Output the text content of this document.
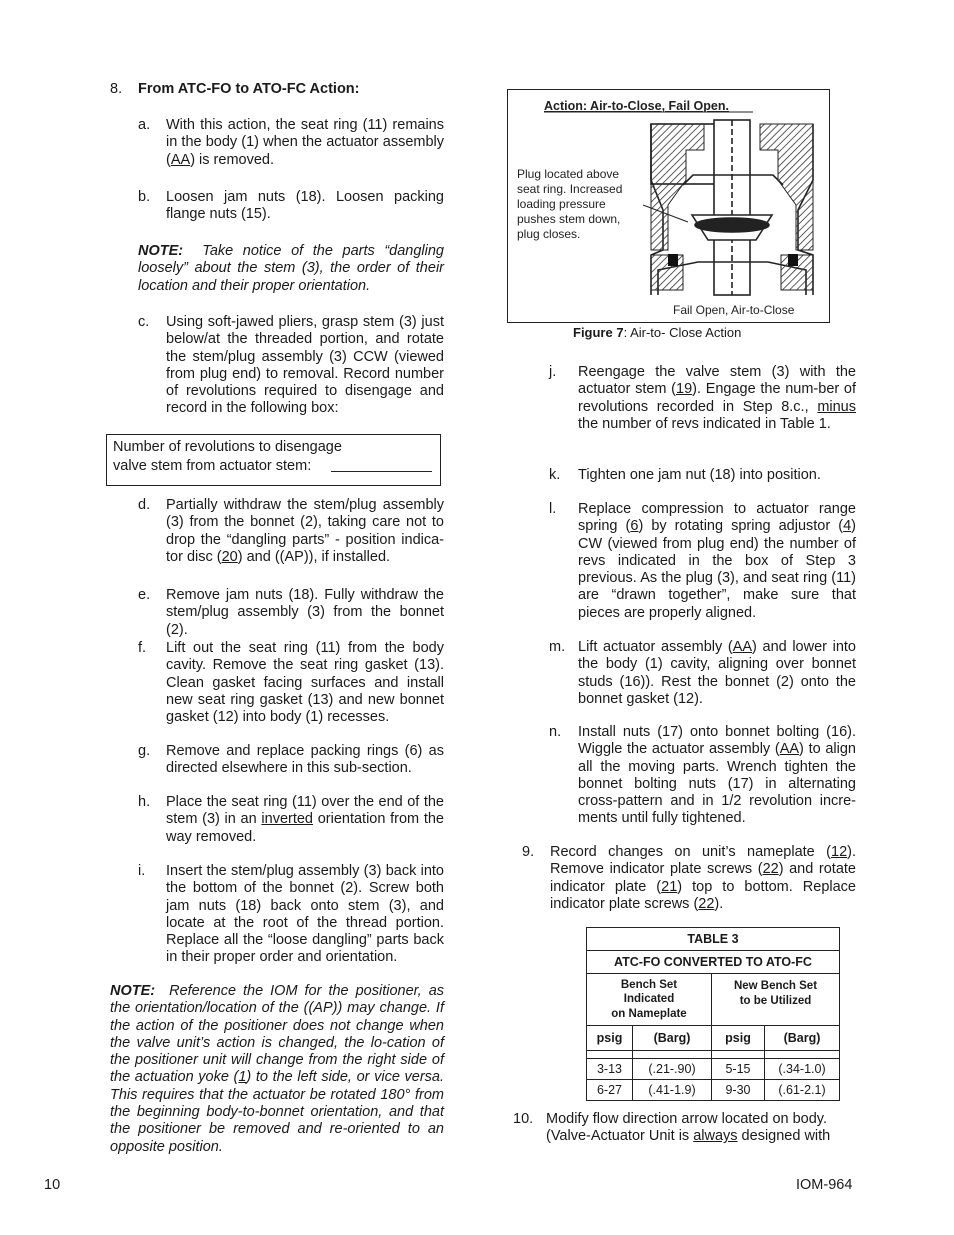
8. From ATC-FO to ATO-FC Action:
a. With this action, the seat ring (11) remains in the body (1) when the actuator assembly (AA) is removed.
b. Loosen jam nuts (18). Loosen packing flange nuts (15).
NOTE: Take notice of the parts “dangling loosely” about the stem (3), the order of their location and their proper orientation.
c. Using soft-jawed pliers, grasp stem (3) just below/at the threaded portion, and rotate the stem/plug assembly (3) CCW (viewed from plug end) to removal. Record number of revolutions required to disengage and record in the following box:
Number of revolutions to disengage
valve stem from actuator stem:
d. Partially withdraw the stem/plug assembly (3) from the bonnet (2), taking care not to drop the “dangling parts” - position indica-tor disc (20) and ((AP)), if installed.
e. Remove jam nuts (18). Fully withdraw the stem/plug assembly (3) from the bonnet (2).
f. Lift out the seat ring (11) from the body cavity. Remove the seat ring gasket (13). Clean gasket facing surfaces and install new seat ring gasket (13) and new bonnet gasket (12) into body (1) recesses.
g. Remove and replace packing rings (6) as directed elsewhere in this sub-section.
h. Place the seat ring (11) over the end of the stem (3) in an inverted orientation from the way removed.
i. Insert the stem/plug assembly (3) back into the bottom of the bonnet (2). Screw both jam nuts (18) back onto stem (3), and locate at the root of the thread portion. Replace all the “loose dangling” parts back in their proper order and orientation.
NOTE: Reference the IOM for the positioner, as the orientation/location of the ((AP)) may change. If the action of the positioner does not change when the valve unit’s action is changed, the lo-cation of the positioner unit will change from the right side of the actuation yoke (1) to the left side, or vice versa. This requires that the actuator be rotated 180° from the beginning body-to-bonnet orientation, and that the positioner be removed and re-oriented to an opposite position.
Action: Air-to-Close, Fail Open.
Plug located above
seat ring. Increased
loading pressure
pushes stem down,
plug closes.
Fail Open, Air-to-Close
Figure 7: Air-to- Close Action
j. Reengage the valve stem (3) with the actuator stem (19). Engage the num-ber of revolutions recorded in Step 8.c., minus the number of revs indicated in Table 1.
k. Tighten one jam nut (18) into position.
l. Replace compression to actuator range spring (6) by rotating spring adjustor (4) CW (viewed from plug end) the number of revs indicated in the box of Step 3 previous. As the plug (3), and seat ring (11) are “drawn together”, make sure that pieces are properly aligned.
m. Lift actuator assembly (AA) and lower into the body (1) cavity, aligning over bonnet studs (16)). Rest the bonnet (2) onto the bonnet gasket (12).
n. Install nuts (17) onto bonnet bolting (16). Wiggle the actuator assembly (AA) to align all the moving parts. Wrench tighten the bonnet bolting nuts (17) in alternating cross-pattern and in 1/2 revolution incre-ments until fully tightened.
9. Record changes on unit’s nameplate (12). Remove indicator plate screws (22) and rotate indicator plate (21) top to bottom. Replace indicator plate screws (22).
TABLE 3			
ATC-FO CONVERTED TO ATO-FC			
Bench Set
Indicated
on Nameplate		New Bench Set
to be Utilized	
psig	(Barg)	psig	(Barg)

3-13	(.21-.90)	5-15	(.34-1.0)
6-27	(.41-1.9)	9-30	(.61-2.1)
10. Modify flow direction arrow located on body. (Valve-Actuator Unit is always designed with
10	IOM-964
